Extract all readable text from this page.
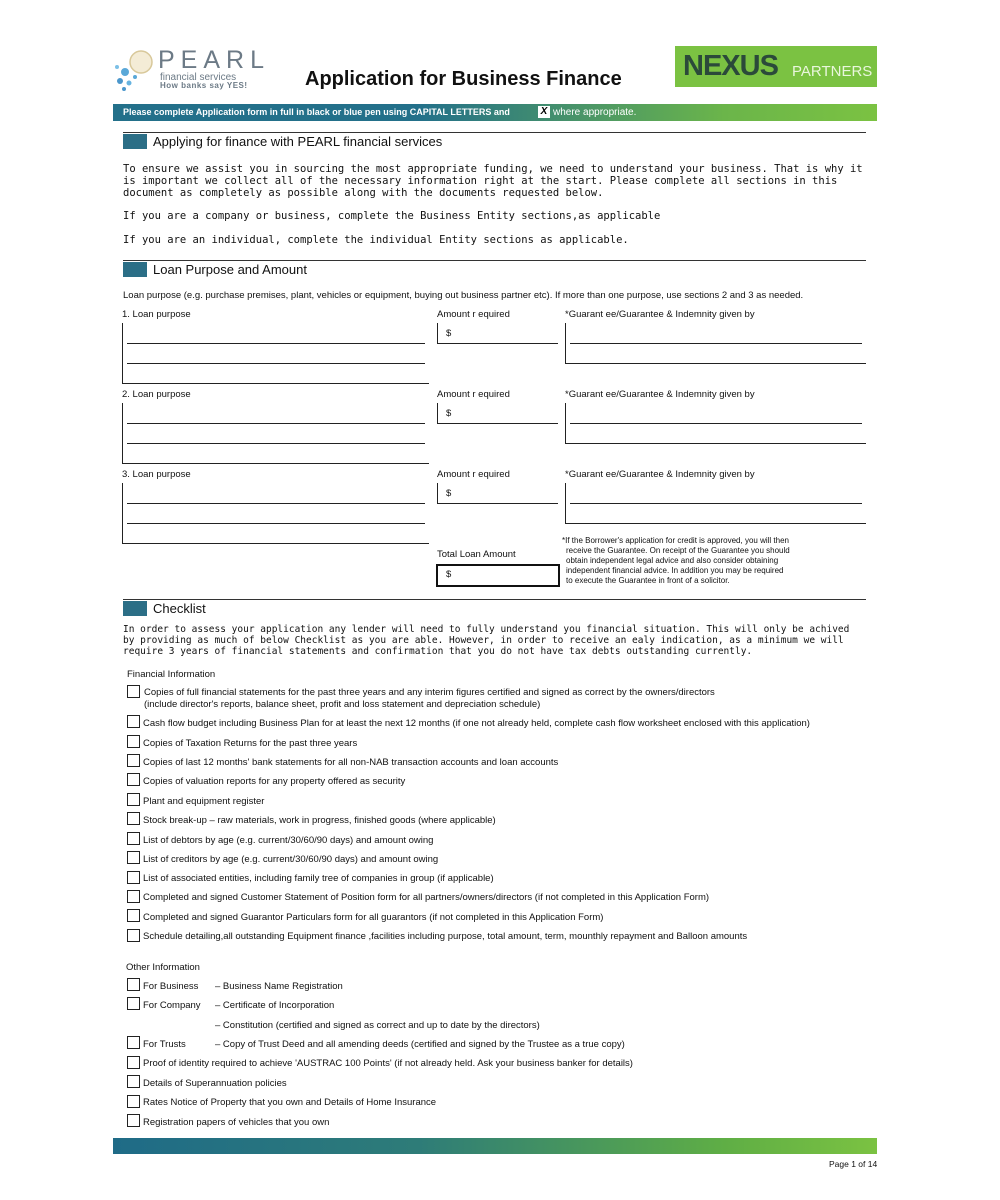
PEARL
financial services
How banks say YES!	Application for Business Finance NEXUS PARTNERS
Please complete Application form in full in black or blue pen using CAPITAL LETTERS and	X where appropriate.
Applying for finance with PEARL financial services
To ensure we assist you in sourcing the most appropriate funding, we need to understand your business. That is why it is important we collect all of the necessary information right at the start. Please complete all sections in this document as completely as possible along with the documents requested below.
If you are a company or business, complete the Business Entity sections,as applicable
If you are an individual, complete the individual Entity sections as applicable.
Loan Purpose and Amount
Loan purpose (e.g. purchase premises, plant, vehicles or equipment, buying out business partner etc). If more than one purpose, use sections 2 and 3 as needed.
1. Loan purpose	Amount r equired
$
*Guarant ee/Guarantee & Indemnity given by
2. Loan purpose	Amount r equired
$
*Guarant ee/Guarantee & Indemnity given by
3. Loan purpose	Amount r equired
$
*Guarant ee/Guarantee & Indemnity given by
Total Loan Amount
$
*If the Borrower's application for credit is approved, you will then
receive the Guarantee. On receipt of the Guarantee you should
obtain independent legal advice and also consider obtaining
independent financial advice. In addition you may be required
to execute the Guarantee in front of a solicitor.
Checklist
In order to assess your application any lender will need to fully understand you financial situation. This will only be achived by providing as much of below Checklist as you are able. However, in order to receive an ealy indication, as a minimum we will require 3 years of financial statements and confirmation that you do not have tax debts outstanding currently.
Financial Information
Copies of full financial statements for the past three years and any interim figures certified and signed as correct by the owners/directors
(include director's reports, balance sheet, profit and loss statement and depreciation schedule)
Cash flow budget including Business Plan for at least the next 12 months (if one not already held, complete cash flow worksheet enclosed with this application)
Copies of Taxation Returns for the past three years
Copies of last 12 months' bank statements for all non-NAB transaction accounts and loan accounts
Copies of valuation reports for any property offered as security
Plant and equipment register
Stock break-up – raw materials, work in progress, finished goods (where applicable)
List of debtors by age (e.g. current/30/60/90 days) and amount owing
List of creditors by age (e.g. current/30/60/90 days) and amount owing
List of associated entities, including family tree of companies in group (if applicable)
Completed and signed Customer Statement of Position form for all partners/owners/directors (if not completed in this Application Form)
Completed and signed Guarantor Particulars form for all guarantors (if not completed in this Application Form)
Schedule detailing,all outstanding Equipment finance ,facilities including purpose, total amount, term, mounthly repayment and Balloon amounts
Other Information
For Business – Business Name Registration
For Company – Certificate of Incorporation
– Constitution (certified and signed as correct and up to date by the directors)
For Trusts	– Copy of Trust Deed and all amending deeds (certified and signed by the Trustee as a true copy)
Proof of identity required to achieve 'AUSTRAC 100 Points' (if not already held. Ask your business banker for details)
Details of Superannuation policies
Rates Notice of Property that you own and Details of Home Insurance
Registration papers of vehicles that you own
Page 1 of 14
